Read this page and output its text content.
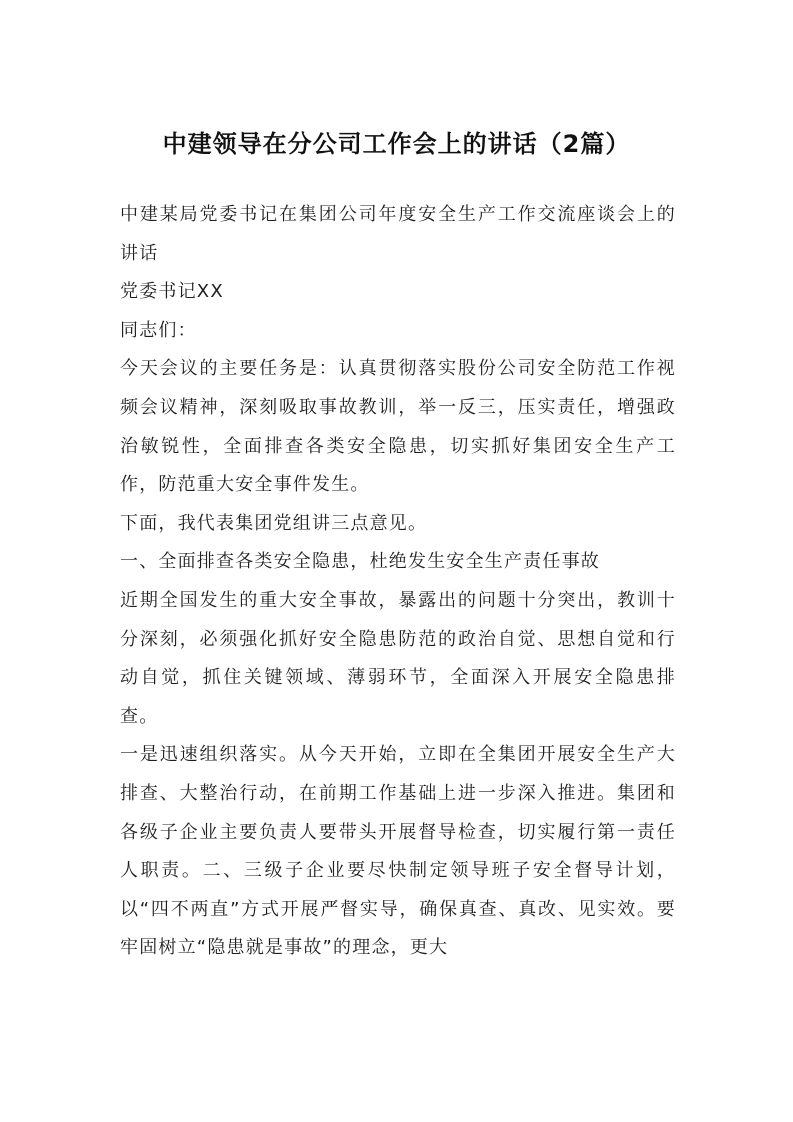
中建领导在分公司工作会上的讲话（2篇）

中建某局党委书记在集团公司年度安全生产工作交流座谈会上的讲话

党委书记XX

同志们：

今天会议的主要任务是：认真贯彻落实股份公司安全防范工作视频会议精神，深刻吸取事故教训，举一反三，压实责任，增强政治敏锐性，全面排查各类安全隐患，切实抓好集团安全生产工作，防范重大安全事件发生。

下面，我代表集团党组讲三点意见。

一、全面排查各类安全隐患，杜绝发生安全生产责任事故

近期全国发生的重大安全事故，暴露出的问题十分突出，教训十分深刻，必须强化抓好安全隐患防范的政治自觉、思想自觉和行动自觉，抓住关键领域、薄弱环节，全面深入开展安全隐患排查。

一是迅速组织落实。从今天开始，立即在全集团开展安全生产大排查、大整治行动，在前期工作基础上进一步深入推进。集团和各级子企业主要负责人要带头开展督导检查，切实履行第一责任人职责。二、三级子企业要尽快制定领导班子安全督导计划，以“四不两直”方式开展严督实导，确保真查、真改、见实效。要牢固树立“隐患就是事故”的理念，更大
